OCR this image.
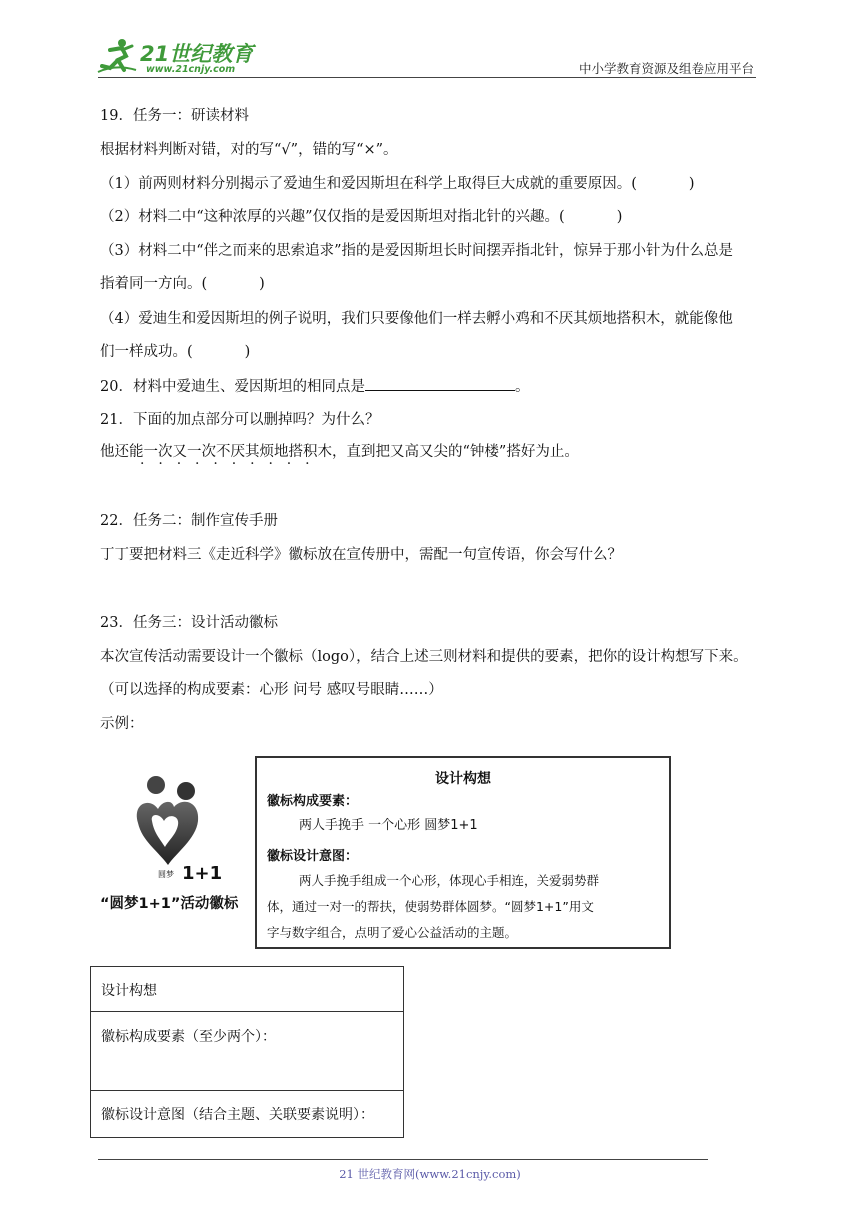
21世纪教育
www.21cnjy.com	中小学教育资源及组卷应用平台
19．任务一：研读材料
根据材料判断对错，对的写“√”，错的写“×”。
（1）前两则材料分别揭示了爱迪生和爱因斯坦在科学上取得巨大成就的重要原因。(	)
（2）材料二中“这种浓厚的兴趣”仅仅指的是爱因斯坦对指北针的兴趣。(	)
（3）材料二中“伴之而来的思索追求”指的是爱因斯坦长时间摆弄指北针，惊异于那小针为什么总是
指着同一方向。(	)
（4）爱迪生和爱因斯坦的例子说明，我们只要像他们一样去孵小鸡和不厌其烦地搭积木，就能像他
们一样成功。(	)
20．材料中爱迪生、爱因斯坦的相同点是	。
21．下面的加点部分可以删掉吗？为什么？
他还能一次又一次不厌其烦地搭积木，直到把又高又尖的“钟楼”搭好为止。
··········
22．任务二：制作宣传手册
丁丁要把材料三《走近科学》徽标放在宣传册中，需配一句宣传语，你会写什么？
23．任务三：设计活动徽标
本次宣传活动需要设计一个徽标（logo），结合上述三则材料和提供的要素，把你的设计构想写下来。
（可以选择的构成要素：心形 问号 感叹号眼睛……）
示例：
圆梦 1+1
“圆梦1+1”活动徽标
设计构想
徽标构成要素：
两人手挽手 一个心形 圆梦1+1
徽标设计意图：
两人手挽手组成一个心形，体现心手相连，关爱弱势群
体，通过一对一的帮扶，使弱势群体圆梦。“圆梦1+1”用文
字与数字组合，点明了爱心公益活动的主题。
设计构想
徽标构成要素（至少两个）：
徽标设计意图（结合主题、关联要素说明）：
21 世纪教育网(www.21cnjy.com)
